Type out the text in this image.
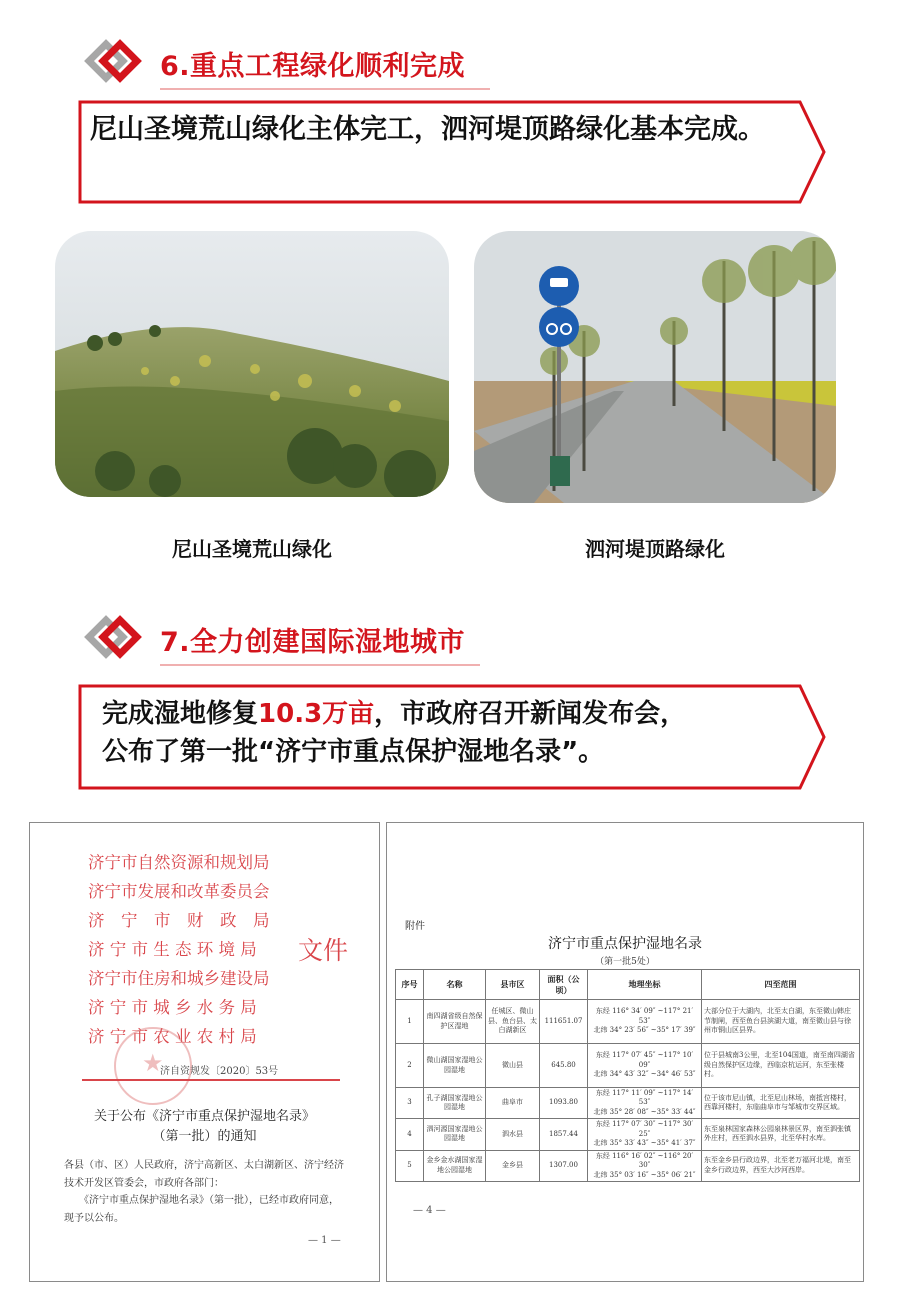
6.重点工程绿化顺利完成
尼山圣境荒山绿化主体完工，泗河堤顶路绿化基本完成。
尼山圣境荒山绿化	泗河堤顶路绿化
7.全力创建国际湿地城市
完成湿地修复10.3万亩，市政府召开新闻发布会，
公布了第一批“济宁市重点保护湿地名录”。
济宁市自然资源和规划局
济宁市发展和改革委员会
济　宁　市　财　政　局
济 宁 市 生 态 环 境 局
济宁市住房和城乡建设局
济 宁 市 城 乡 水 务 局
济 宁 市 农 业 农 村 局
文件
★
济自资规发〔2020〕53号
关于公布《济宁市重点保护湿地名录》
（第一批）的通知
各县（市、区）人民政府，济宁高新区、太白湖新区、济宁经济
技术开发区管委会，市政府各部门：
　　《济宁市重点保护湿地名录》（第一批），已经市政府同意，
现予以公布。
— 1 —
附件
济宁市重点保护湿地名录
（第一批5处）
序号	名称	县市区	面积（公顷）	地理坐标	四至范围
1	南四湖省级自然保护区湿地	任城区、微山县、鱼台县、太白湖新区	111651.07	东经 116° 34′ 09″ ~117° 21′ 53″
北纬 34° 23′ 56″ ~35° 17′ 39″	大部分位于大湖内，北至太白湖，东至微山韩庄节制闸，西至鱼台县滨湖大道，南至微山县与徐州市铜山区县界。
2	微山湖国家湿地公园湿地	微山县	645.80	东经 117° 07′ 45″ ~117° 10′ 09″
北纬 34° 43′ 32″ ~34° 46′ 53″	位于县城南3公里，北至104国道，南至南四湖省级自然保护区边缘，西临京杭运河，东至张楼村。
3	孔子湖国家湿地公园湿地	曲阜市	1093.80	东经 117° 11′ 09″ ~117° 14′ 53″
北纬 35° 28′ 08″ ~35° 33′ 44″	位于该市尼山镇，北至尼山林场，南抵宫楼村，西靠河楼村，东临曲阜市与邹城市交界区域。
4	泗河源国家湿地公园湿地	泗水县	1857.44	东经 117° 07′ 30″ ~117° 30′ 25″
北纬 35° 33′ 43″ ~35° 41′ 37″	东至泉林国家森林公园泉林景区界，南至泗张镇外庄村，西至泗水县界，北至华村水库。
5	金乡金水湖国家湿地公园湿地	金乡县	1307.00	东经 116° 16′ 02″ ~116° 20′ 30″
北纬 35° 03′ 16″ ~35° 06′ 21″	东至金乡县行政边界，北至老万福河北堤，南至金乡行政边界，西至大沙河西岸。
— 4 —
